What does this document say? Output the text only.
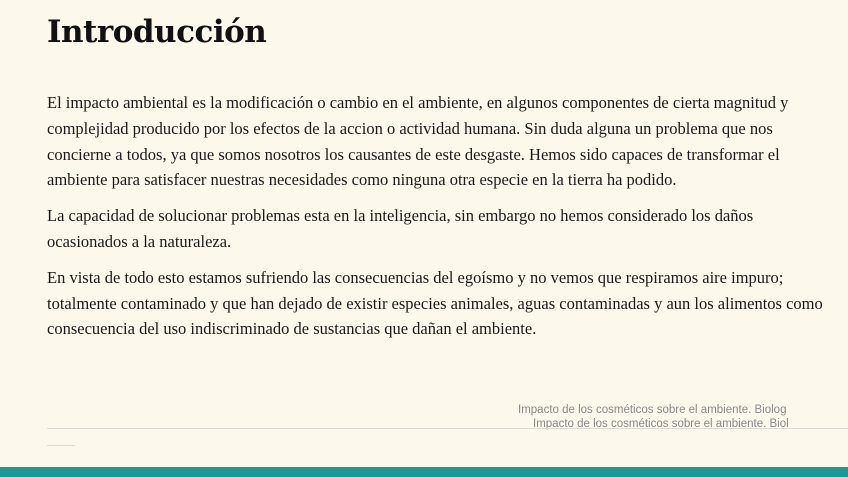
Introducción

El impacto ambiental es la modificación o cambio en el ambiente, en algunos componentes de cierta magnitud y complejidad producido por los efectos de la accion o actividad humana. Sin duda alguna un problema que nos concierne a todos, ya que somos nosotros los causantes de este desgaste. Hemos sido capaces de transformar el ambiente para satisfacer nuestras necesidades como ninguna otra especie en la tierra ha podido.

La capacidad de solucionar problemas esta en la inteligencia, sin embargo no hemos considerado los daños ocasionados a la naturaleza.

En vista de todo esto estamos sufriendo las consecuencias del egoísmo y no vemos que respiramos aire impuro; totalmente contaminado y que han dejado de existir especies animales, aguas contaminadas y aun los alimentos como consecuencia del uso indiscriminado de sustancias que dañan el ambiente.

Impacto de los cosméticos sobre el ambiente. Biolog
Impacto de los cosméticos sobre el ambiente. Biol
